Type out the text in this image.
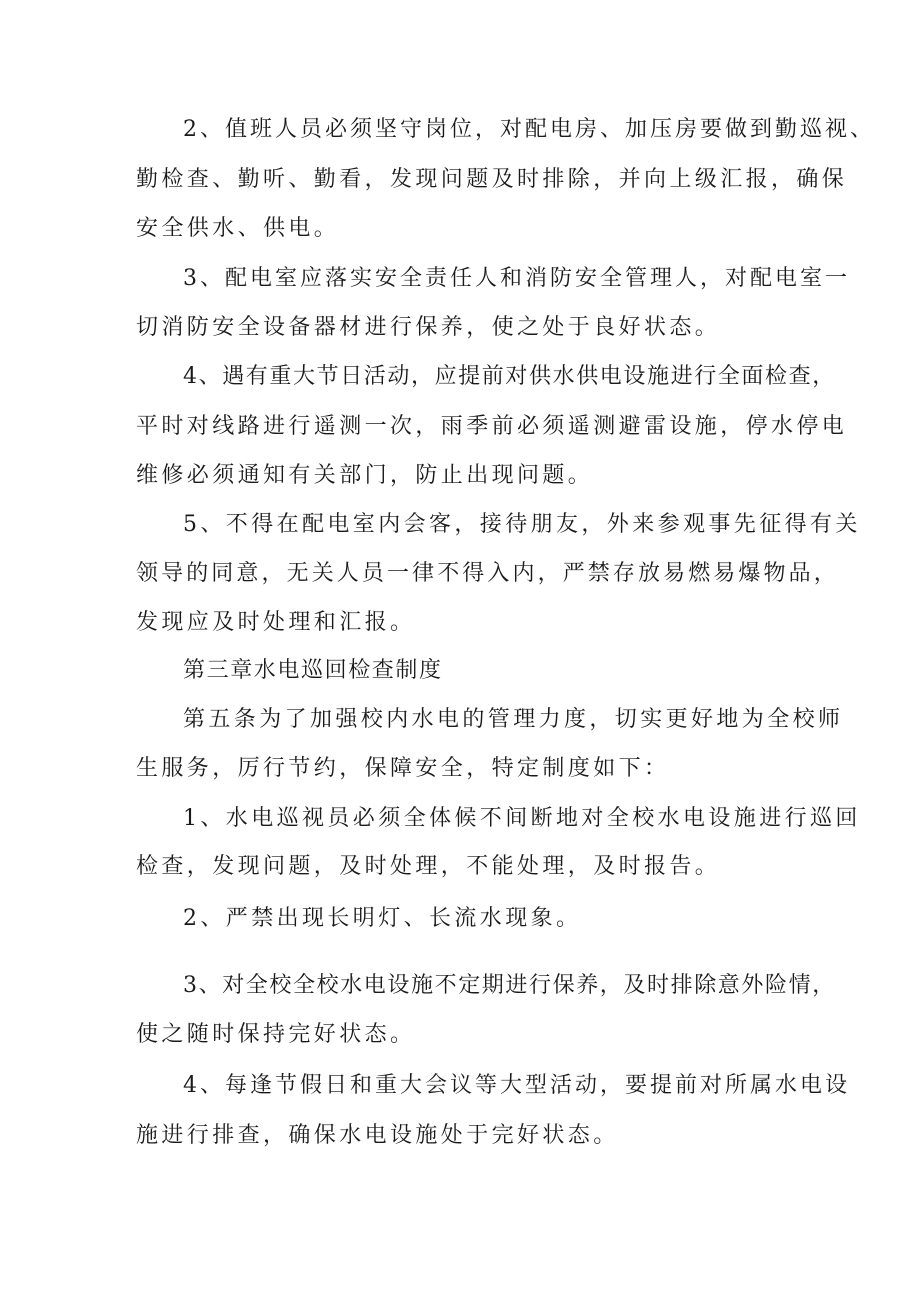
2、值班人员必须坚守岗位，对配电房、加压房要做到勤巡视、
勤检查、勤听、勤看，发现问题及时排除，并向上级汇报，确保
安全供水、供电。
3、配电室应落实安全责任人和消防安全管理人，对配电室一
切消防安全设备器材进行保养，使之处于良好状态。
4、遇有重大节日活动，应提前对供水供电设施进行全面检查，
平时对线路进行遥测一次，雨季前必须遥测避雷设施，停水停电
维修必须通知有关部门，防止出现问题。
5、不得在配电室内会客，接待朋友，外来参观事先征得有关
领导的同意，无关人员一律不得入内，严禁存放易燃易爆物品，
发现应及时处理和汇报。
第三章水电巡回检查制度
第五条为了加强校内水电的管理力度，切实更好地为全校师
生服务，厉行节约，保障安全，特定制度如下：
1、水电巡视员必须全体候不间断地对全校水电设施进行巡回
检查，发现问题，及时处理，不能处理，及时报告。
2、严禁出现长明灯、长流水现象。
3、对全校全校水电设施不定期进行保养，及时排除意外险情，
使之随时保持完好状态。
4、每逢节假日和重大会议等大型活动，要提前对所属水电设
施进行排查，确保水电设施处于完好状态。
